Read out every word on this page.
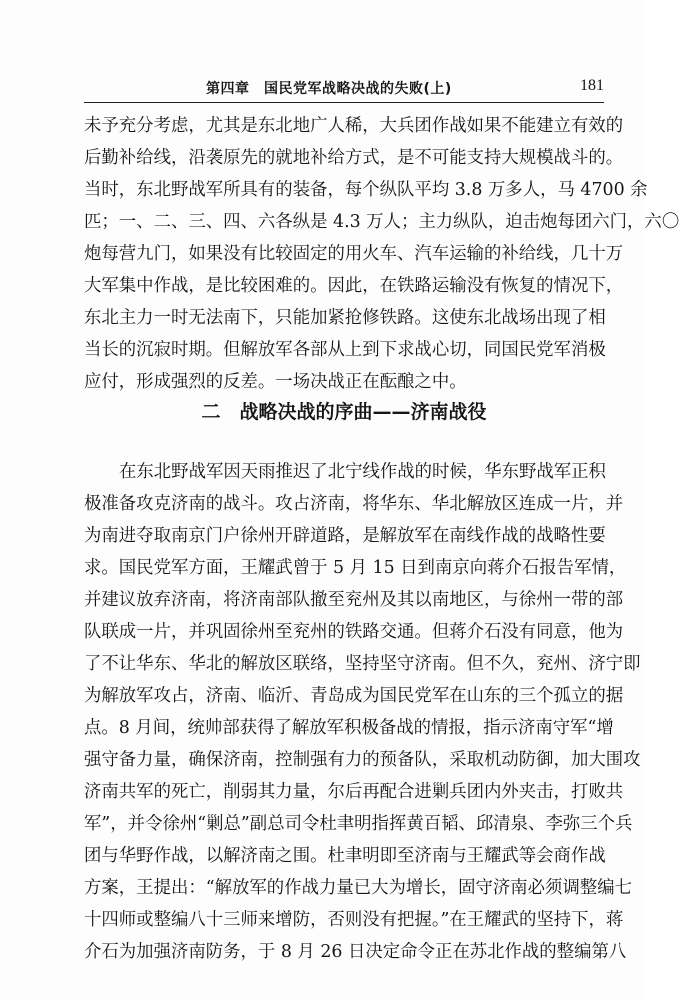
第四章　国民党军战略决战的失败(上)	181
未予充分考虑，尤其是东北地广人稀，大兵团作战如果不能建立有效的
后勤补给线，沿袭原先的就地补给方式，是不可能支持大规模战斗的。
当时，东北野战军所具有的装备，每个纵队平均 3.8 万多人，马 4700 余
匹；一、二、三、四、六各纵是 4.3 万人；主力纵队，迫击炮每团六门，六〇
炮每营九门，如果没有比较固定的用火车、汽车运输的补给线，几十万
大军集中作战，是比较困难的。因此，在铁路运输没有恢复的情况下，
东北主力一时无法南下，只能加紧抢修铁路。这使东北战场出现了相
当长的沉寂时期。但解放军各部从上到下求战心切，同国民党军消极
应付，形成强烈的反差。一场决战正在酝酿之中。
二　战略决战的序曲——济南战役
在东北野战军因天雨推迟了北宁线作战的时候，华东野战军正积
极准备攻克济南的战斗。攻占济南，将华东、华北解放区连成一片，并
为南进夺取南京门户徐州开辟道路，是解放军在南线作战的战略性要
求。国民党军方面，王耀武曾于 5 月 15 日到南京向蒋介石报告军情，
并建议放弃济南，将济南部队撤至兖州及其以南地区，与徐州一带的部
队联成一片，并巩固徐州至兖州的铁路交通。但蒋介石没有同意，他为
了不让华东、华北的解放区联络，坚持坚守济南。但不久，兖州、济宁即
为解放军攻占，济南、临沂、青岛成为国民党军在山东的三个孤立的据
点。8 月间，统帅部获得了解放军积极备战的情报，指示济南守军“增
强守备力量，确保济南，控制强有力的预备队，采取机动防御，加大围攻
济南共军的死亡，削弱其力量，尔后再配合进剿兵团内外夹击，打败共
军”，并令徐州“剿总”副总司令杜聿明指挥黄百韬、邱清泉、李弥三个兵
团与华野作战，以解济南之围。杜聿明即至济南与王耀武等会商作战
方案，王提出：“解放军的作战力量已大为增长，固守济南必须调整编七
十四师或整编八十三师来增防，否则没有把握。”在王耀武的坚持下，蒋
介石为加强济南防务，于 8 月 26 日决定命令正在苏北作战的整编第八
